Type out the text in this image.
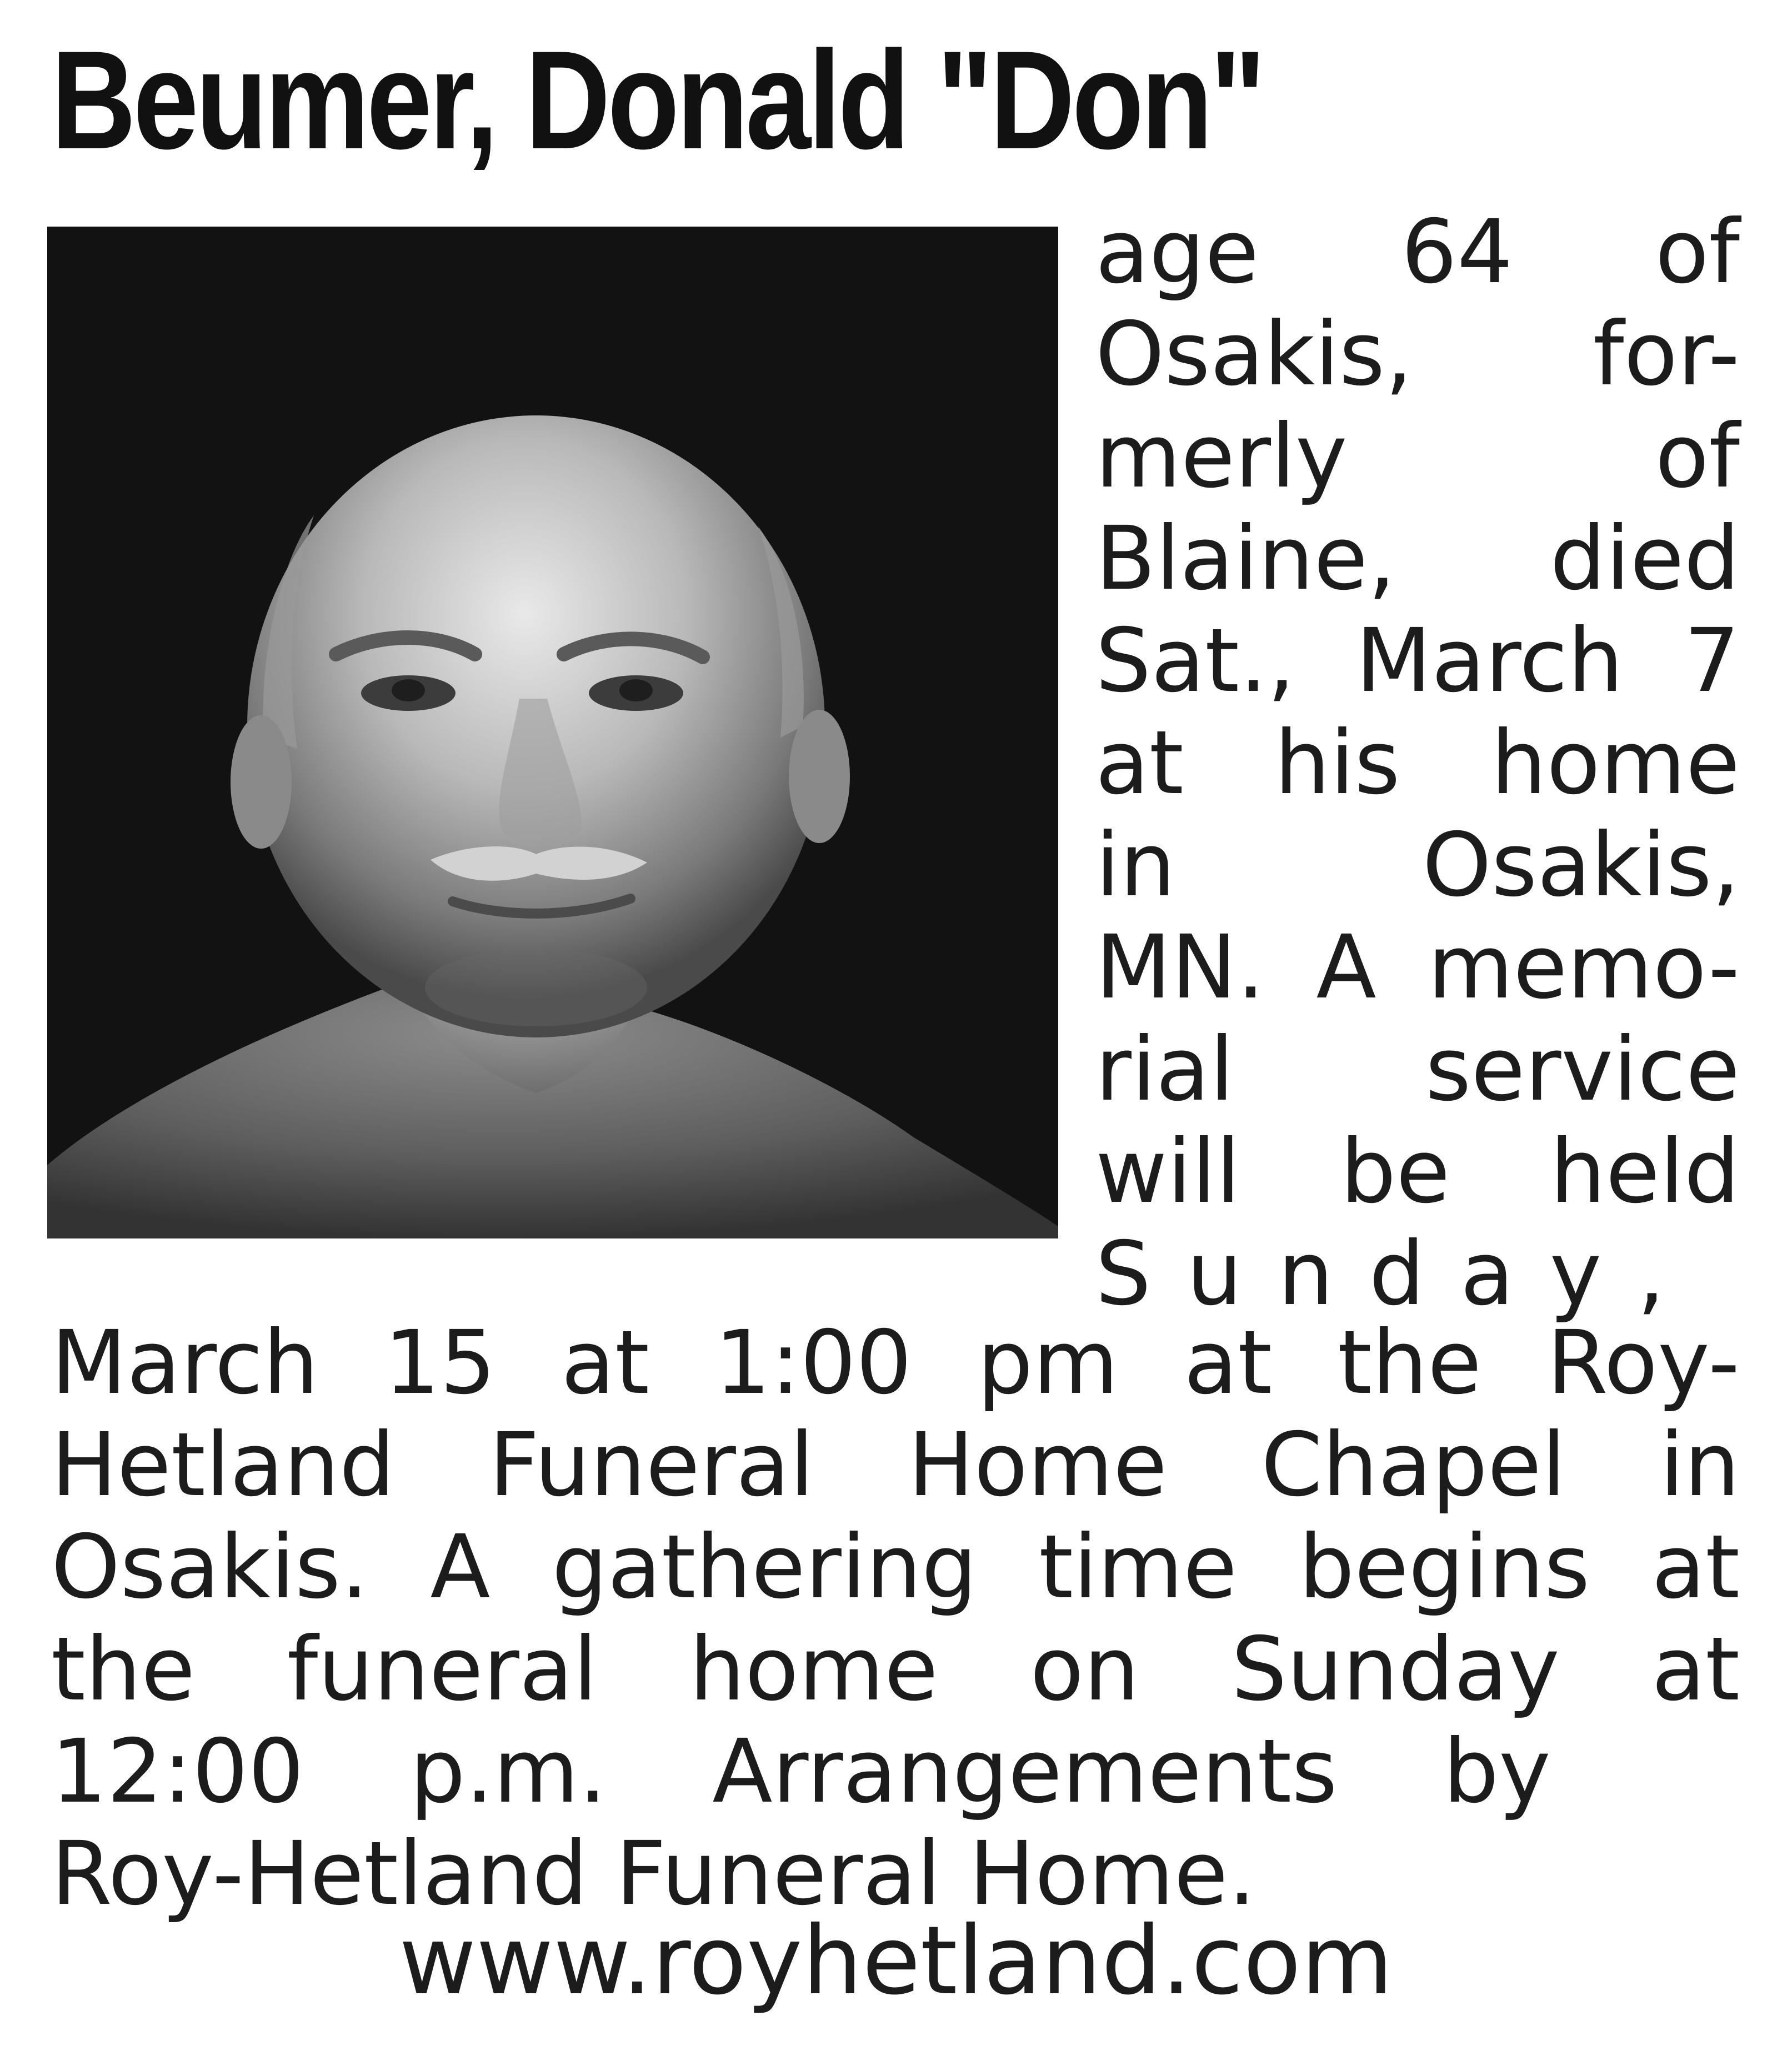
Beumer, Donald "Don"
age 64 of
Osakis, for-
merly of
Blaine, died
Sat., March 7
at his home
in Osakis,
MN. A memo-
rial service
will be held
Sunday,
March 15 at 1:00 pm at the Roy-
Hetland Funeral Home Chapel in
Osakis. A gathering time begins at
the funeral home on Sunday at
12:00 p.m. Arrangements by
Roy-Hetland Funeral Home.
www.royhetland.com
